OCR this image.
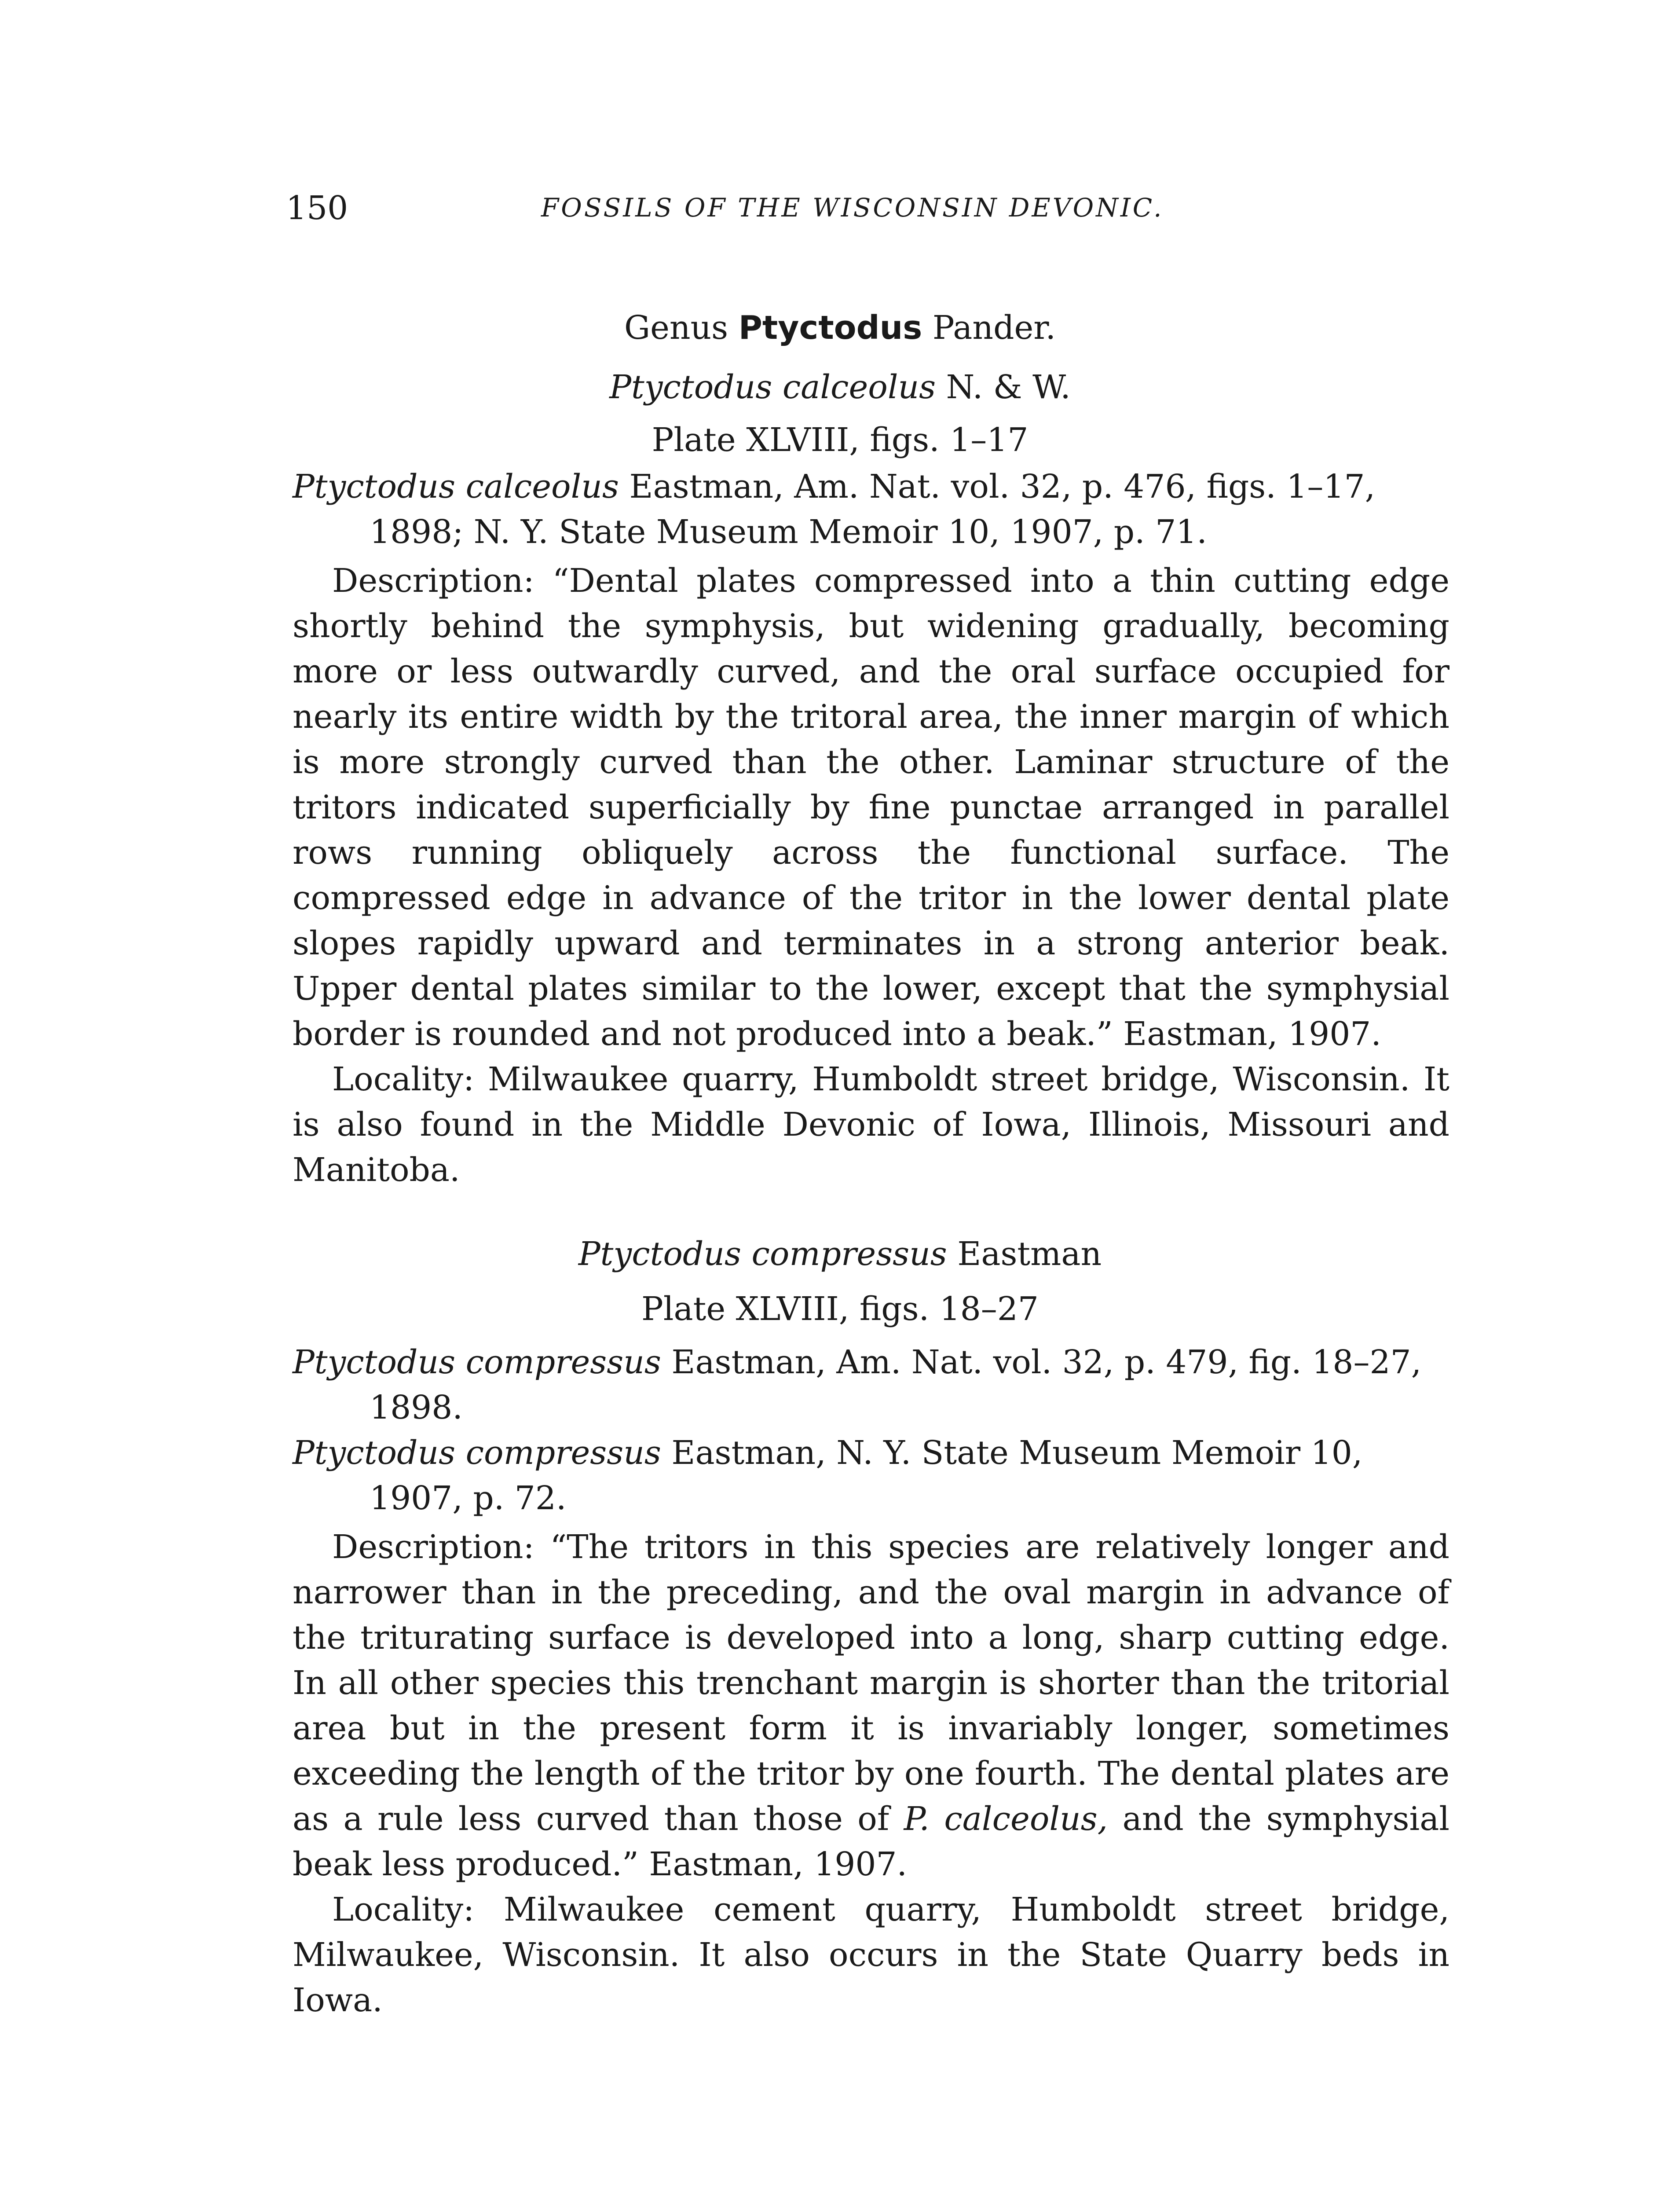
150	FOSSILS OF THE WISCONSIN DEVONIC.
Genus Ptyctodus Pander.
Ptyctodus calceolus N. & W.
Plate XLVIII, figs. 1–17

Ptyctodus calceolus Eastman, Am. Nat. vol. 32, p. 476, figs. 1–17, 1898; N. Y. State Museum Memoir 10, 1907, p. 71.

Description: “Dental plates compressed into a thin cutting edge shortly behind the symphysis, but widening gradually, becoming more or less outwardly curved, and the oral surface occupied for nearly its entire width by the tritoral area, the inner margin of which is more strongly curved than the other. Laminar structure of the tritors indicated superficially by fine punctae arranged in parallel rows running obliquely across the functional surface. The compressed edge in advance of the tritor in the lower dental plate slopes rapidly upward and terminates in a strong anterior beak. Upper dental plates similar to the lower, except that the symphysial border is rounded and not produced into a beak.” Eastman, 1907.

Locality: Milwaukee quarry, Humboldt street bridge, Wisconsin. It is also found in the Middle Devonic of Iowa, Illinois, Missouri and Manitoba.

Ptyctodus compressus Eastman
Plate XLVIII, figs. 18–27

Ptyctodus compressus Eastman, Am. Nat. vol. 32, p. 479, fig. 18–27, 1898.

Ptyctodus compressus Eastman, N. Y. State Museum Memoir 10, 1907, p. 72.

Description: “The tritors in this species are relatively longer and narrower than in the preceding, and the oval margin in advance of the triturating surface is developed into a long, sharp cutting edge. In all other species this trenchant margin is shorter than the tritorial area but in the present form it is invariably longer, sometimes exceeding the length of the tritor by one fourth. The dental plates are as a rule less curved than those of P. calceolus, and the symphysial beak less produced.” Eastman, 1907.

Locality: Milwaukee cement quarry, Humboldt street bridge, Milwaukee, Wisconsin. It also occurs in the State Quarry beds in Iowa.
